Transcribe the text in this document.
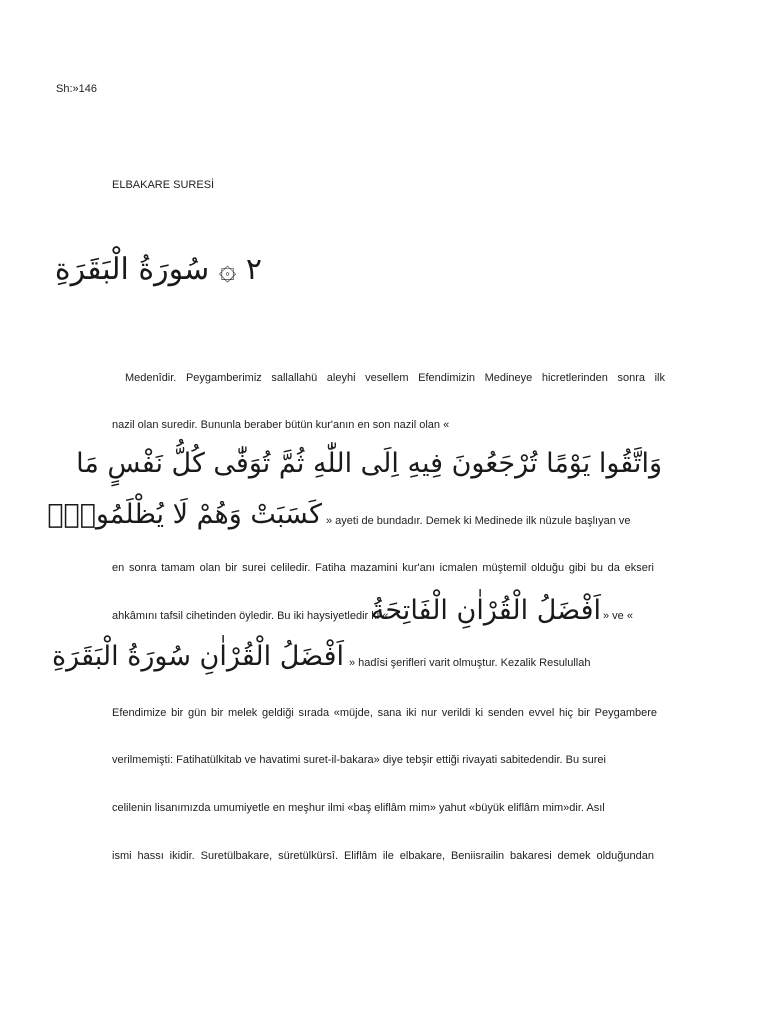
Sh:»146
ELBAKARE SURESİ
٢ ۞ سُورَةُ الْبَقَرَةِ
Medenîdir. Peygamberimiz sallallahü aleyhi vesellem Efendimizin Medineye hicretlerinden sonra ilk
nazil olan suredir. Bununla beraber bütün kur'anın en son nazil olan «
وَاتَّقُوا يَوْمًا تُرْجَعُونَ فِيهِ اِلَى اللّٰهِ ثُمَّ تُوَفّٰى كُلُّ نَفْسٍ مَا
كَسَبَتْ وَهُمْ لَا يُظْلَمُونَ۟ » ayeti de bundadır. Demek ki Medinede ilk nüzule başlıyan ve
en sonra tamam olan bir surei celiledir. Fatiha mazamini kur'anı icmalen müştemil olduğu gibi bu da ekseri
ahkâmını tafsil cihetinden öyledir. Bu iki haysiyetledir ki «
اَفْضَلُ الْقُرْاٰنِ الْفَاتِحَةُ » ve «
اَفْضَلُ الْقُرْاٰنِ سُورَةُ الْبَقَرَةِ » hadîsi şerifleri varit olmuştur. Kezalik Resulullah
Efendimize bir gün bir melek geldiği sırada «müjde, sana iki nur verildi ki senden evvel hiç bir Peygambere
verilmemişti: Fatihatülkitab ve havatimi suret-il-bakara» diye tebşir ettiği rivayati sabitedendir. Bu surei
celilenin lisanımızda umumiyetle en meşhur ilmi «baş eliflâm mim» yahut «büyük eliflâm mim»dir. Asıl
ismi hassı ikidir. Suretülbakare, süretülkürsî. Eliflâm ile elbakare, Beniisrailin bakaresi demek olduğundan
